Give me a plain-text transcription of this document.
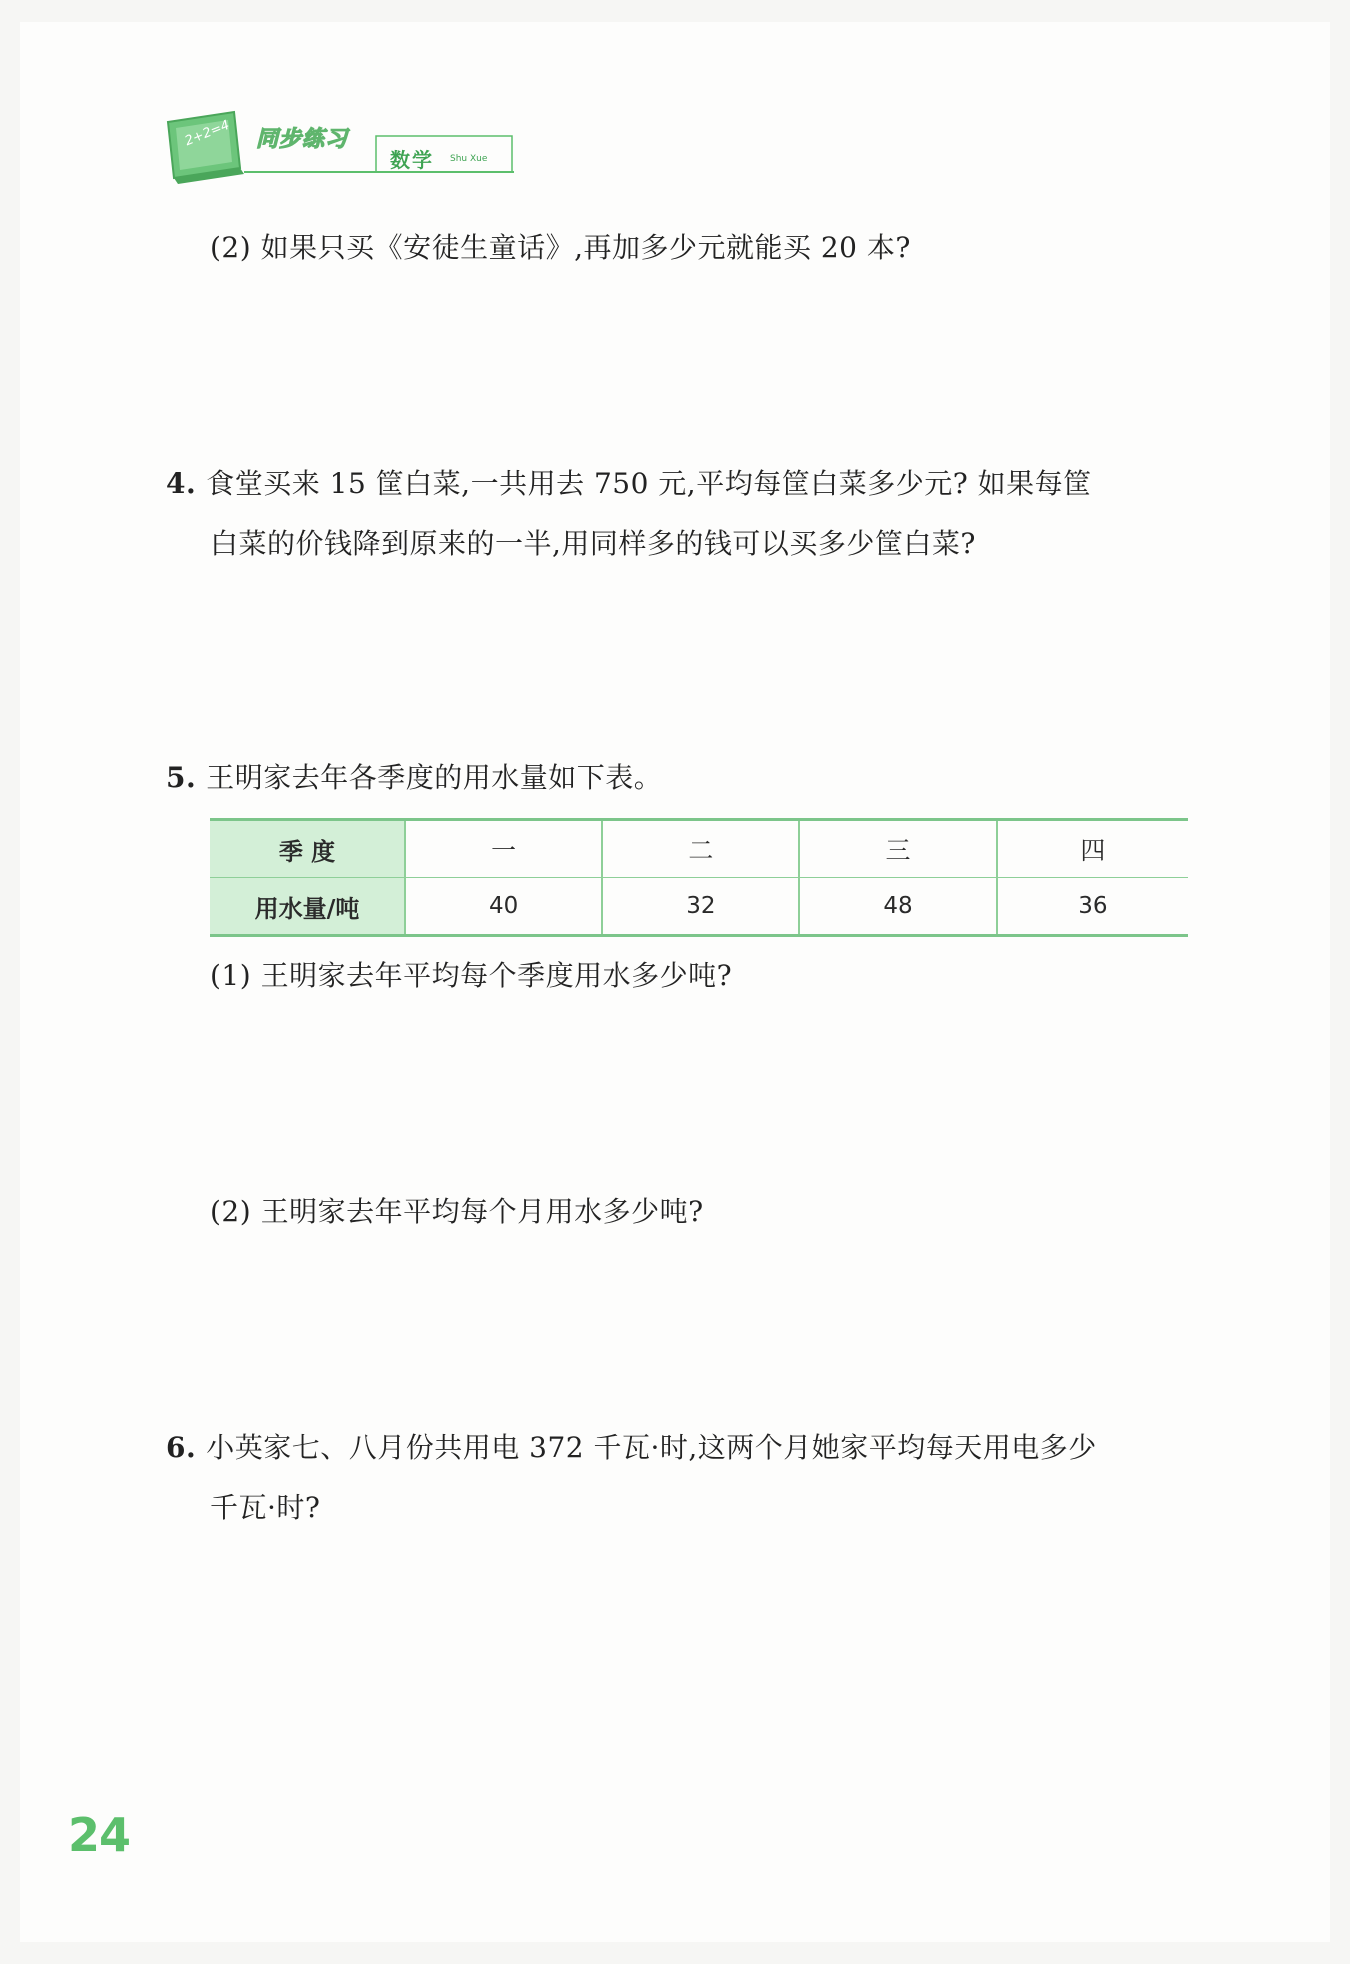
2+2=4 同步练习
数学 Shu Xue
(2) 如果只买《安徒生童话》,再加多少元就能买 20 本?
4. 食堂买来 15 筐白菜,一共用去 750 元,平均每筐白菜多少元? 如果每筐
白菜的价钱降到原来的一半,用同样多的钱可以买多少筐白菜?
5. 王明家去年各季度的用水量如下表。
季 度	一	二	三	四
用水量/吨	40	32	48	36
(1) 王明家去年平均每个季度用水多少吨?
(2) 王明家去年平均每个月用水多少吨?
6. 小英家七、八月份共用电 372 千瓦·时,这两个月她家平均每天用电多少
千瓦·时?
24
